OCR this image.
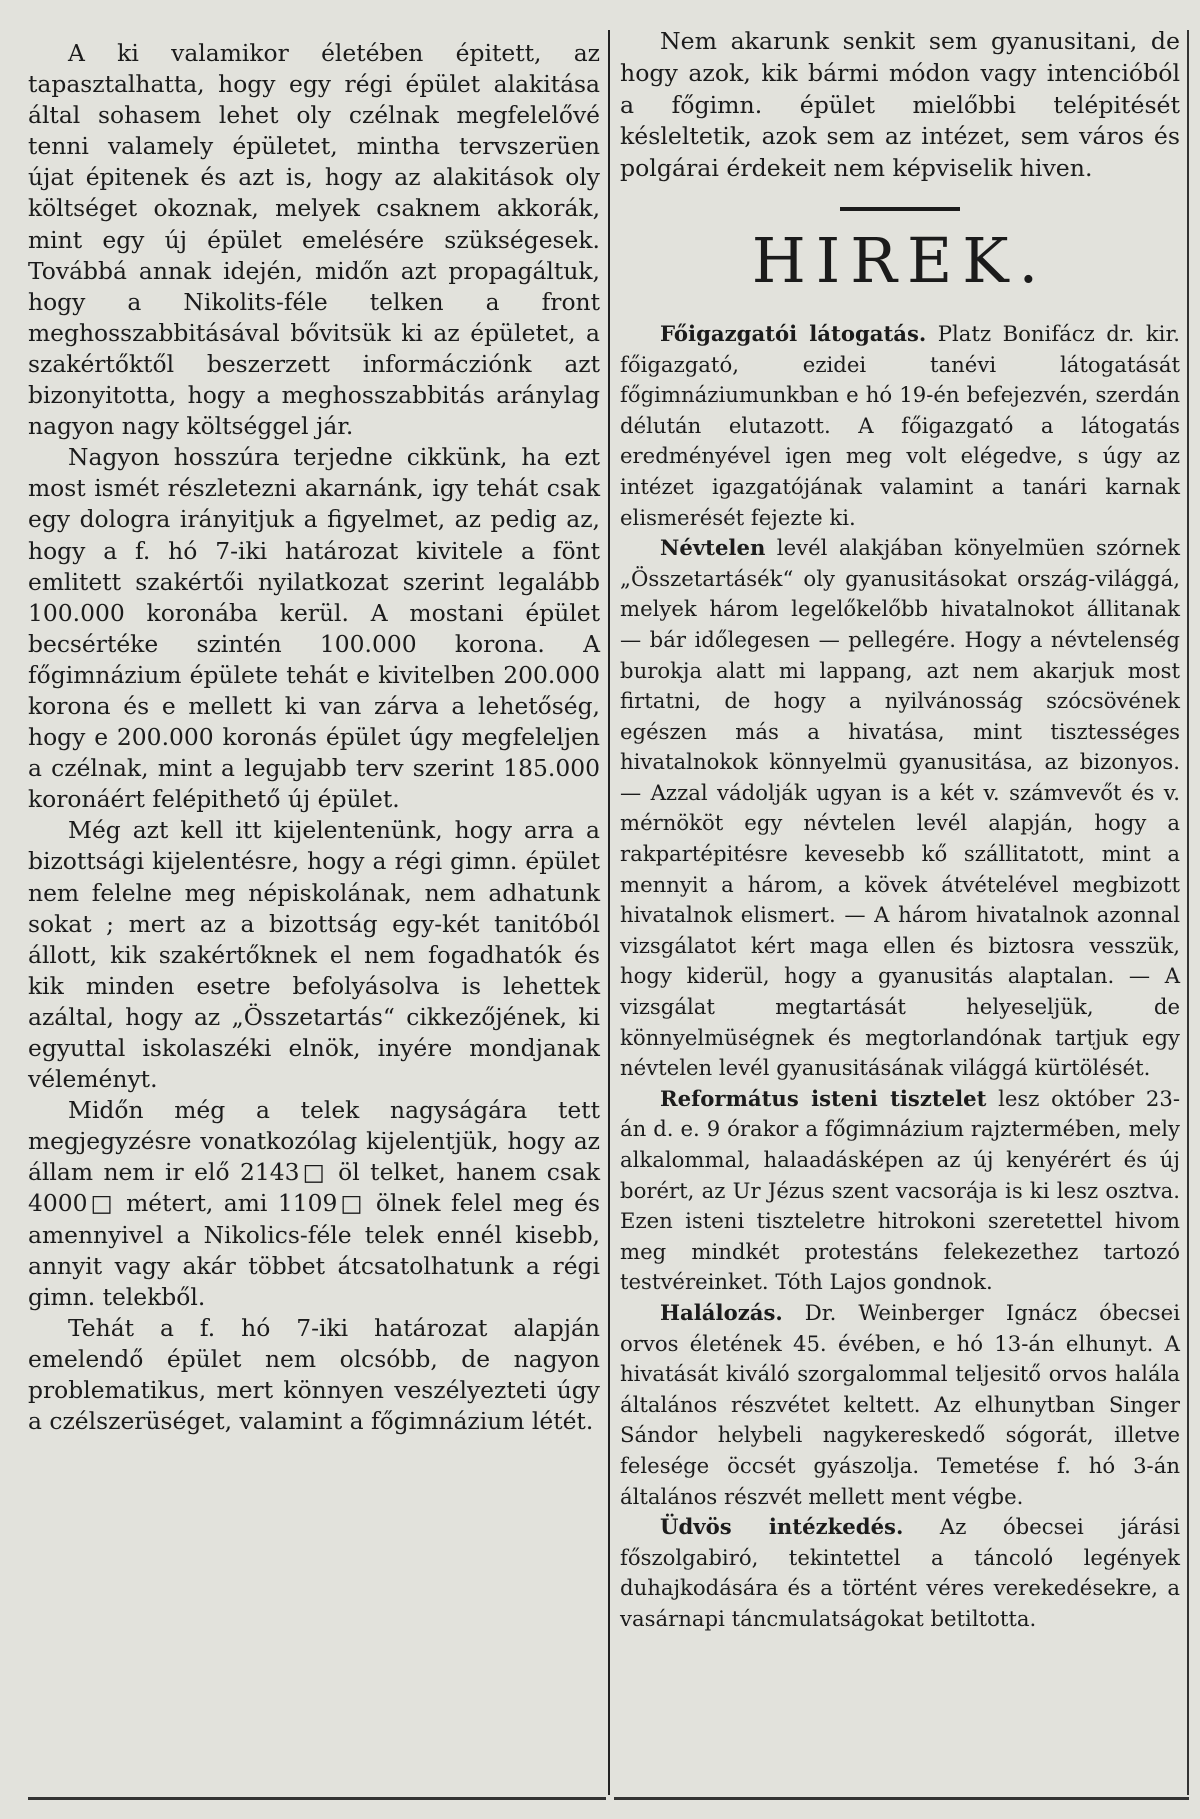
A ki valamikor életében épitett, az tapasztalhatta, hogy egy régi épület alakitása által sohasem lehet oly czélnak megfelelővé tenni valamely épületet, mintha tervszerüen újat épitenek és azt is, hogy az alakitások oly költséget okoznak, melyek csaknem akkorák, mint egy új épület emelésére szükségesek. Továbbá annak idején, midőn azt propagáltuk, hogy a Nikolits-féle telken a front meghosszabbitásával bővitsük ki az épületet, a szakértőktől beszerzett informácziónk azt bizonyitotta, hogy a meghosszabbitás aránylag nagyon nagy költséggel jár.

Nagyon hosszúra terjedne cikkünk, ha ezt most ismét részletezni akarnánk, igy tehát csak egy dologra irányitjuk a figyelmet, az pedig az, hogy a f. hó 7-iki határozat kivitele a fönt emlitett szakértői nyilatkozat szerint legalább 100.000 koronába kerül. A mostani épület becsértéke szintén 100.000 korona. A főgimnázium épülete tehát e kivitelben 200.000 korona és e mellett ki van zárva a lehetőség, hogy e 200.000 koronás épület úgy megfeleljen a czélnak, mint a legujabb terv szerint 185.000 koronáért felépithető új épület.

Még azt kell itt kijelentenünk, hogy arra a bizottsági kijelentésre, hogy a régi gimn. épület nem felelne meg népiskolának, nem adhatunk sokat ; mert az a bizottság egy-két tanitóból állott, kik szakértőknek el nem fogadhatók és kik minden esetre befolyásolva is lehettek azáltal, hogy az „Összetartás“ cikkezőjének, ki egyuttal iskolaszéki elnök, inyére mondjanak véleményt.

Midőn még a telek nagyságára tett megjegyzésre vonatkozólag kijelentjük, hogy az állam nem ir elő 2143□ öl telket, hanem csak 4000□ métert, ami 1109□ ölnek felel meg és amennyivel a Nikolics-féle telek ennél kisebb, annyit vagy akár többet átcsatolhatunk a régi gimn. telekből.

Tehát a f. hó 7-iki határozat alapján emelendő épület nem olcsóbb, de nagyon problematikus, mert könnyen veszélyezteti úgy a czélszerüséget, valamint a főgimnázium létét.

Nem akarunk senkit sem gyanusitani, de hogy azok, kik bármi módon vagy intencióból a főgimn. épület mielőbbi telépitését késleltetik, azok sem az intézet, sem város és polgárai érdekeit nem képviselik hiven.

HIREK.

Főigazgatói látogatás. Platz Bonifácz dr. kir. főigazgató, ezidei tanévi látogatását főgimnáziumunkban e hó 19-én befejezvén, szerdán délután elutazott. A főigazgató a látogatás eredményével igen meg volt elégedve, s úgy az intézet igazgatójának valamint a tanári karnak elismerését fejezte ki.

Névtelen levél alakjában könyelmüen szórnek „Összetartásék“ oly gyanusitásokat ország-világgá, melyek három legelőkelőbb hivatalnokot állitanak — bár időlegesen — pellegére. Hogy a névtelenség burokja alatt mi lappang, azt nem akarjuk most firtatni, de hogy a nyilvánosság szócsövének egészen más a hivatása, mint tisztességes hivatalnokok könnyelmü gyanusitása, az bizonyos. — Azzal vádolják ugyan is a két v. számvevőt és v. mérnököt egy névtelen levél alapján, hogy a rakpartépitésre kevesebb kő szállitatott, mint a mennyit a három, a kövek átvételével megbizott hivatalnok elismert. — A három hivatalnok azonnal vizsgálatot kért maga ellen és biztosra vesszük, hogy kiderül, hogy a gyanusitás alaptalan. — A vizsgálat megtartását helyeseljük, de könnyelmüségnek és megtorlandónak tartjuk egy névtelen levél gyanusitásának világgá kürtölését.

Református isteni tisztelet lesz október 23-án d. e. 9 órakor a főgimnázium rajztermében, mely alkalommal, halaadásképen az új kenyérért és új borért, az Ur Jézus szent vacsorája is ki lesz osztva. Ezen isteni tiszteletre hitrokoni szeretettel hivom meg mindkét protestáns felekezethez tartozó testvéreinket. Tóth Lajos gondnok.

Halálozás. Dr. Weinberger Ignácz óbecsei orvos életének 45. évében, e hó 13-án elhunyt. A hivatását kiváló szorgalommal teljesitő orvos halála általános részvétet keltett. Az elhunytban Singer Sándor helybeli nagykereskedő sógorát, illetve felesége öccsét gyászolja. Temetése f. hó 3-án általános részvét mellett ment végbe.

Üdvös intézkedés. Az óbecsei járási főszolgabiró, tekintettel a táncoló legények duhajkodására és a történt véres verekedésekre, a vasárnapi táncmulatságokat betiltotta.
